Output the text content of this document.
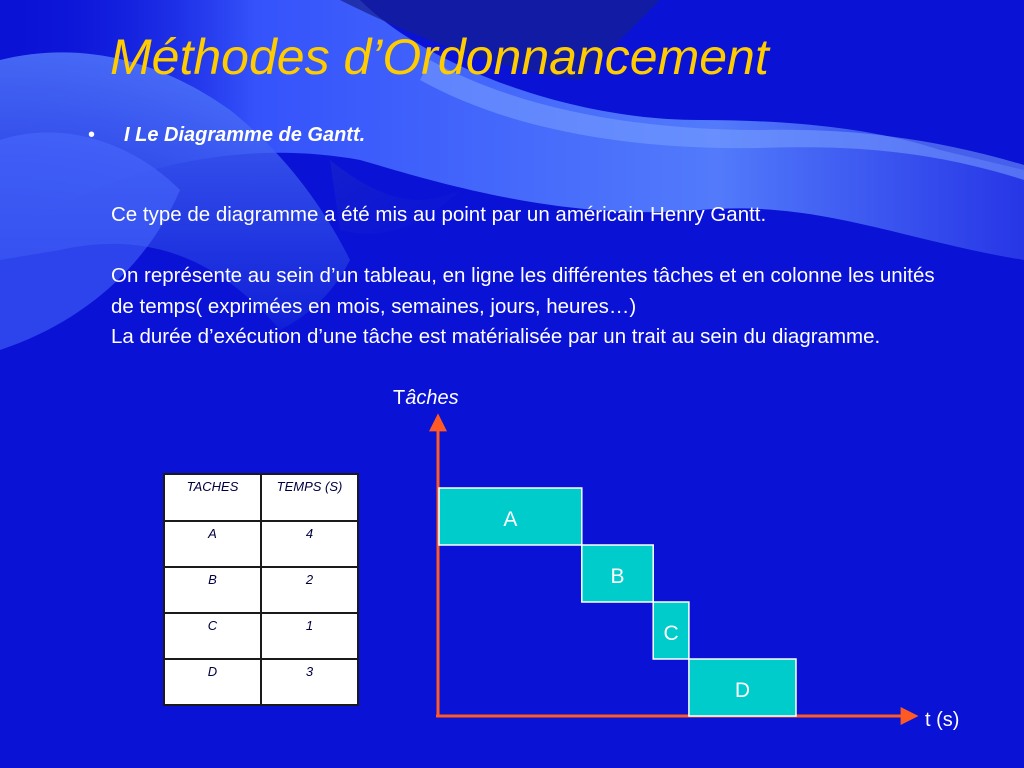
Méthodes d’Ordonnancement
• I Le Diagramme de Gantt.

Ce type de diagramme a été mis au point par un américain Henry Gantt.

On représente au sein d’un tableau, en ligne les différentes tâches et en colonne les unités de temps( exprimées en mois, semaines, jours, heures…)

La durée d’exécution d’une tâche est matérialisée par un trait au sein du diagramme.

TACHES	TEMPS (S)
A	4
B	2
C	1
D	3
Tâches
t (s)
A
B
C
D
